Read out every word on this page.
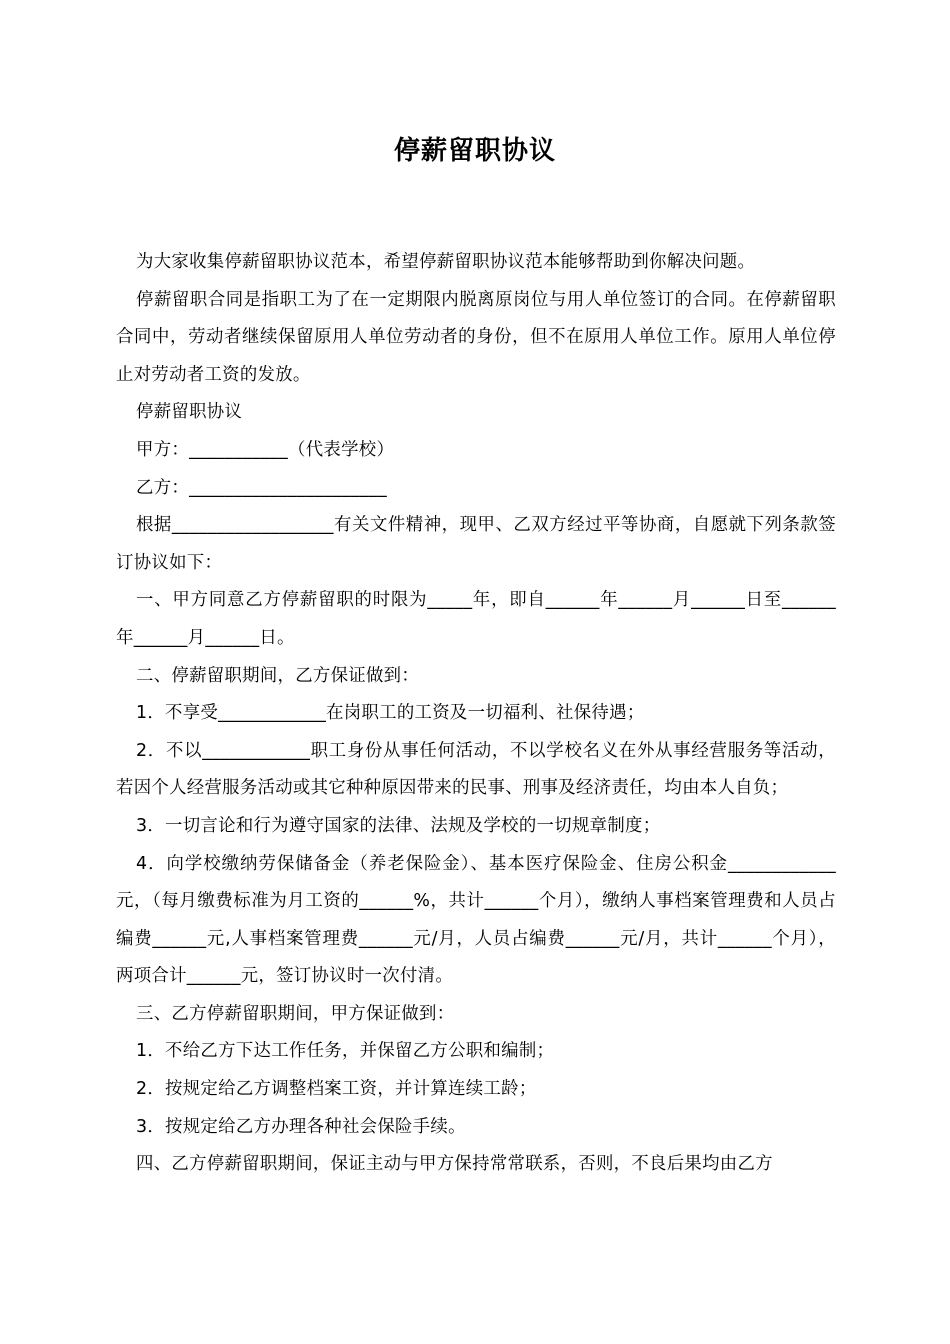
停薪留职协议

为大家收集停薪留职协议范本，希望停薪留职协议范本能够帮助到你解决问题。

停薪留职合同是指职工为了在一定期限内脱离原岗位与用人单位签订的合同。在停薪留职合同中，劳动者继续保留原用人单位劳动者的身份，但不在原用人单位工作。原用人单位停止对劳动者工资的发放。

停薪留职协议

甲方：___________（代表学校）

乙方：______________________

根据__________________有关文件精神，现甲、乙双方经过平等协商，自愿就下列条款签订协议如下：

一、甲方同意乙方停薪留职的时限为_____年，即自______年______月______日至______年______月______日。

二、停薪留职期间，乙方保证做到：

1．不享受____________在岗职工的工资及一切福利、社保待遇；

2．不以____________职工身份从事任何活动，不以学校名义在外从事经营服务等活动，若因个人经营服务活动或其它种种原因带来的民事、刑事及经济责任，均由本人自负；

3．一切言论和行为遵守国家的法律、法规及学校的一切规章制度；

4．向学校缴纳劳保储备金（养老保险金）、基本医疗保险金、住房公积金____________元，（每月缴费标准为月工资的______%，共计______个月），缴纳人事档案管理费和人员占编费______元,人事档案管理费______元/月，人员占编费______元/月，共计______个月），两项合计______元，签订协议时一次付清。

三、乙方停薪留职期间，甲方保证做到：

1．不给乙方下达工作任务，并保留乙方公职和编制；

2．按规定给乙方调整档案工资，并计算连续工龄；

3．按规定给乙方办理各种社会保险手续。

四、乙方停薪留职期间，保证主动与甲方保持常常联系，否则，不良后果均由乙方
